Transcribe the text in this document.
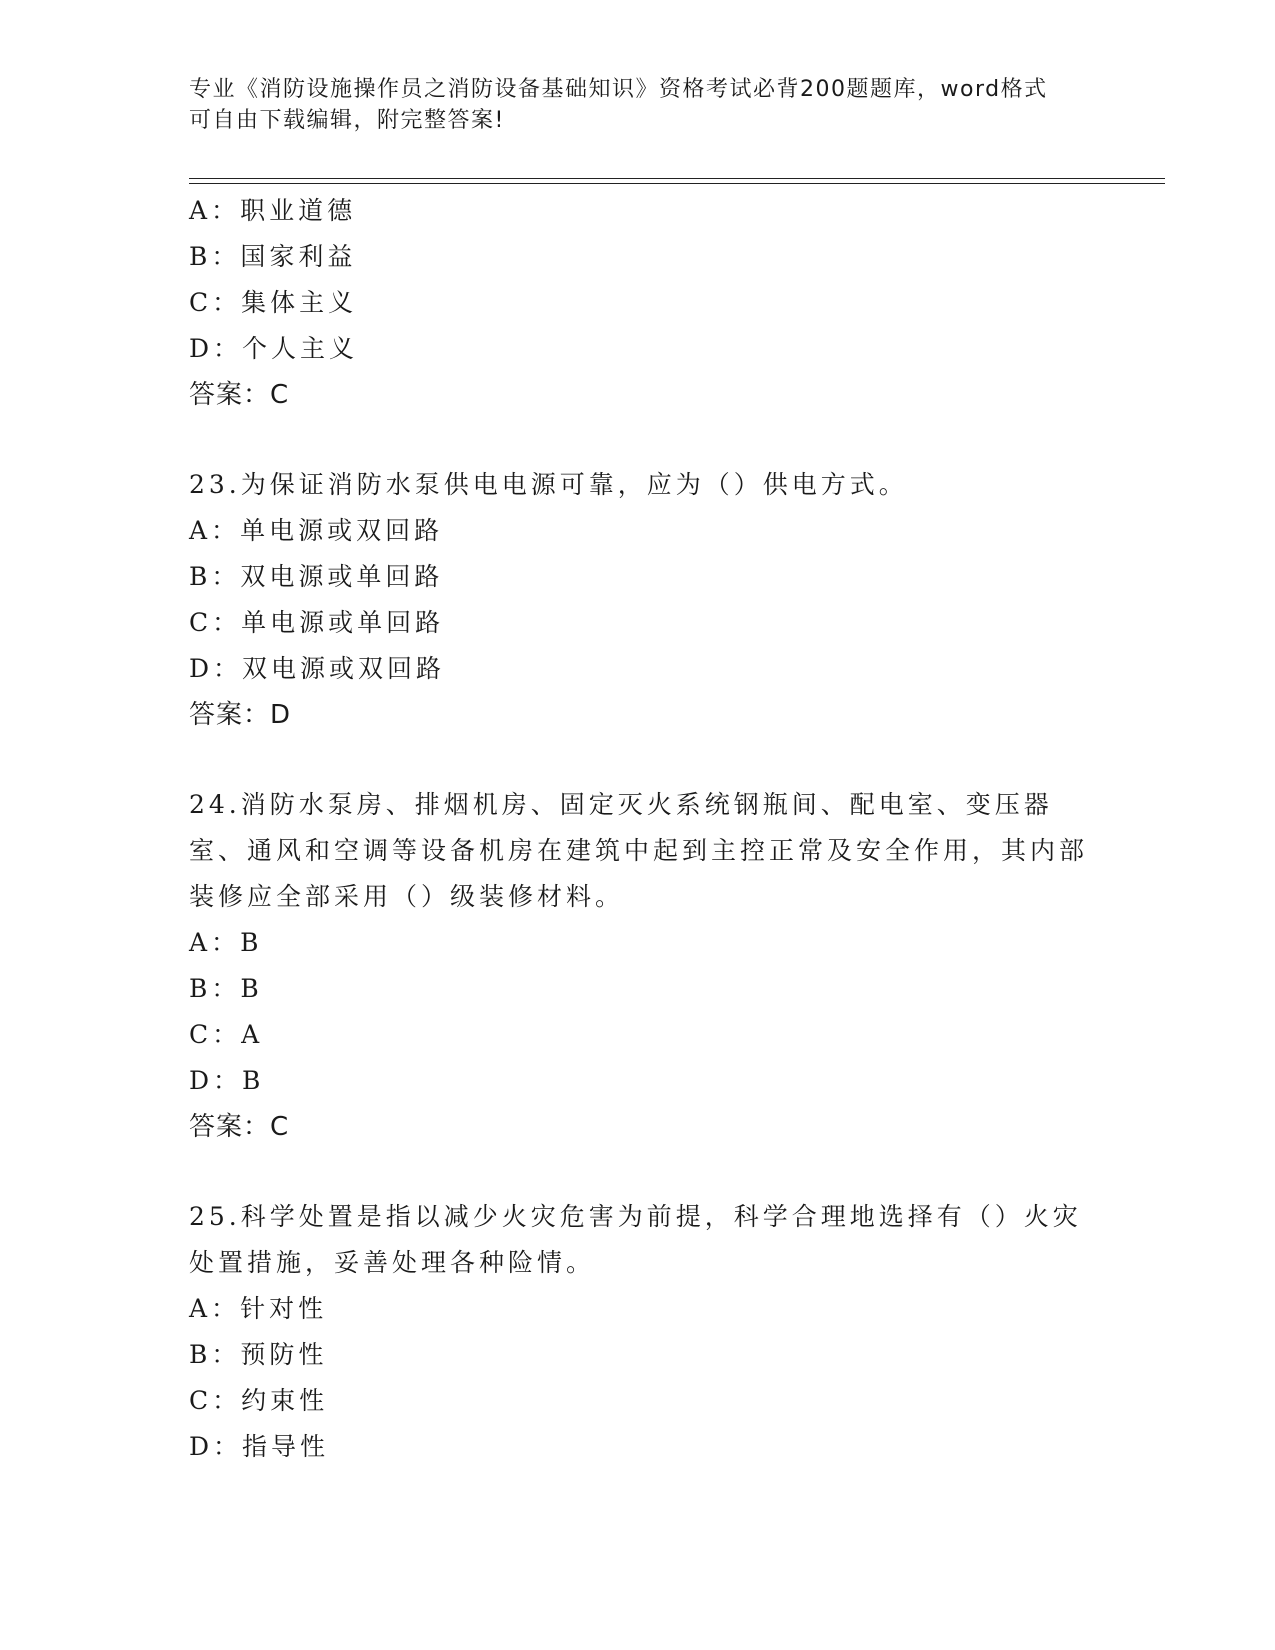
专业《消防设施操作员之消防设备基础知识》资格考试必背200题题库，word格式可自由下载编辑，附完整答案!
A：职业道德
B：国家利益
C：集体主义
D：个人主义
答案：C
23.为保证消防水泵供电电源可靠，应为（）供电方式。
A：单电源或双回路
B：双电源或单回路
C：单电源或单回路
D：双电源或双回路
答案：D
24.消防水泵房、排烟机房、固定灭火系统钢瓶间、配电室、变压器室、通风和空调等设备机房在建筑中起到主控正常及安全作用，其内部装修应全部采用（）级装修材料。
A：B
B：B
C：A
D：B
答案：C
25.科学处置是指以减少火灾危害为前提，科学合理地选择有（）火灾处置措施，妥善处理各种险情。
A：针对性
B：预防性
C：约束性
D：指导性
